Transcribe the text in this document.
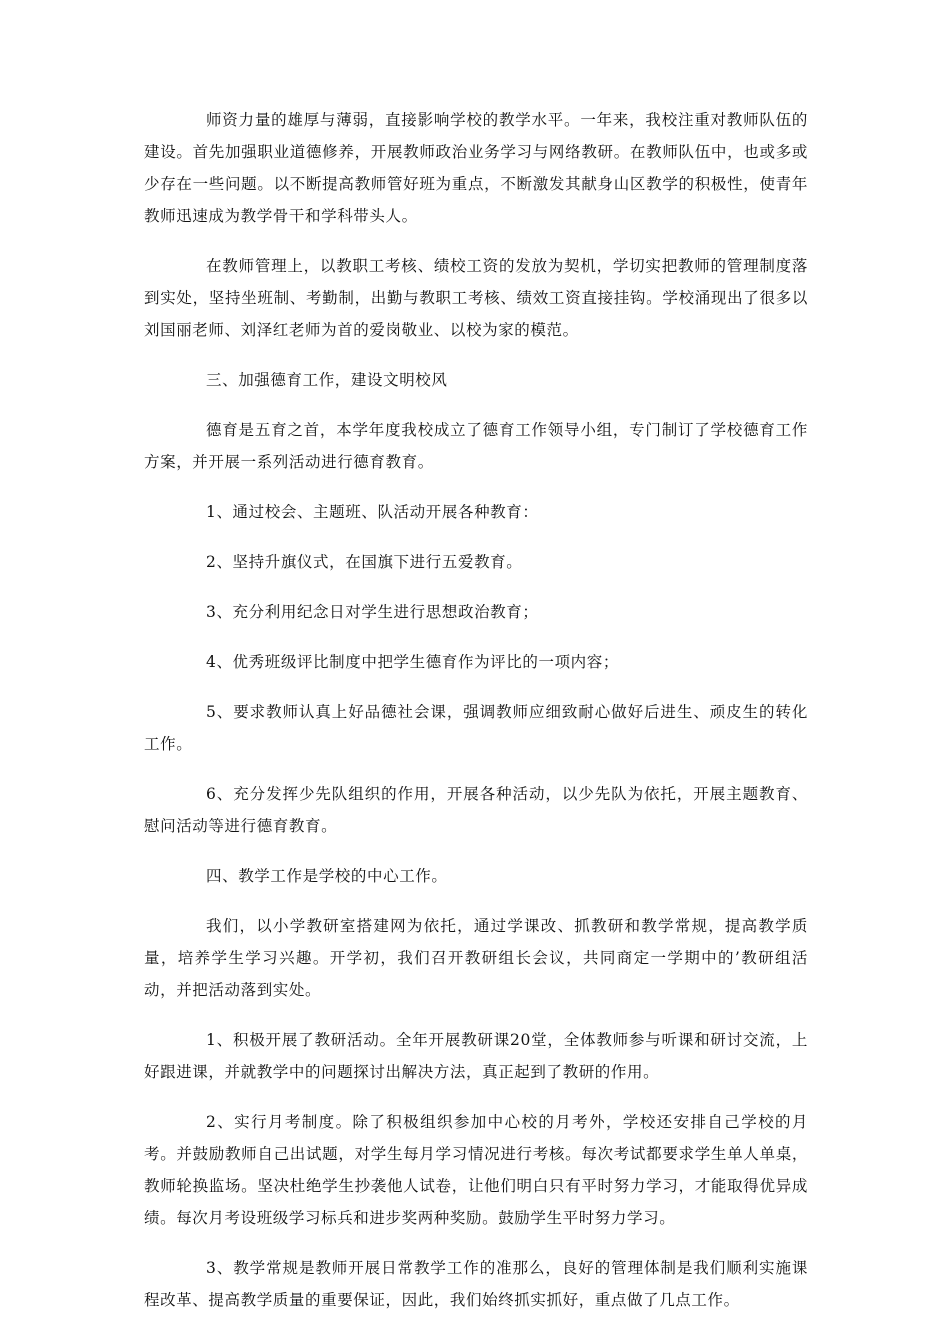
师资力量的雄厚与薄弱，直接影响学校的教学水平。一年来，我校注重对教师队伍的建设。首先加强职业道德修养，开展教师政治业务学习与网络教研。在教师队伍中，也或多或少存在一些问题。以不断提高教师管好班为重点，不断激发其献身山区教学的积极性，使青年教师迅速成为教学骨干和学科带头人。

在教师管理上，以教职工考核、绩校工资的发放为契机，学切实把教师的管理制度落到实处，坚持坐班制、考勤制，出勤与教职工考核、绩效工资直接挂钩。学校涌现出了很多以刘国丽老师、刘泽红老师为首的爱岗敬业、以校为家的模范。

三、加强德育工作，建设文明校风

德育是五育之首，本学年度我校成立了德育工作领导小组，专门制订了学校德育工作方案，并开展一系列活动进行德育教育。

1、通过校会、主题班、队活动开展各种教育：

2、坚持升旗仪式，在国旗下进行五爱教育。

3、充分利用纪念日对学生进行思想政治教育；

4、优秀班级评比制度中把学生德育作为评比的一项内容；

5、要求教师认真上好品德社会课，强调教师应细致耐心做好后进生、顽皮生的转化工作。

6、充分发挥少先队组织的作用，开展各种活动，以少先队为依托，开展主题教育、慰问活动等进行德育教育。

四、教学工作是学校的中心工作。

我们，以小学教研室搭建网为依托，通过学课改、抓教研和教学常规，提高教学质量，培养学生学习兴趣。开学初，我们召开教研组长会议，共同商定一学期中的’教研组活动，并把活动落到实处。

1、积极开展了教研活动。全年开展教研课20堂，全体教师参与听课和研讨交流，上好跟进课，并就教学中的问题探讨出解决方法，真正起到了教研的作用。

2、实行月考制度。除了积极组织参加中心校的月考外，学校还安排自己学校的月考。并鼓励教师自己出试题，对学生每月学习情况进行考核。每次考试都要求学生单人单桌，教师轮换监场。坚决杜绝学生抄袭他人试卷，让他们明白只有平时努力学习，才能取得优异成绩。每次月考设班级学习标兵和进步奖两种奖励。鼓励学生平时努力学习。

3、教学常规是教师开展日常教学工作的准那么，良好的管理体制是我们顺利实施课程改革、提高教学质量的重要保证，因此，我们始终抓实抓好，重点做了几点工作。
